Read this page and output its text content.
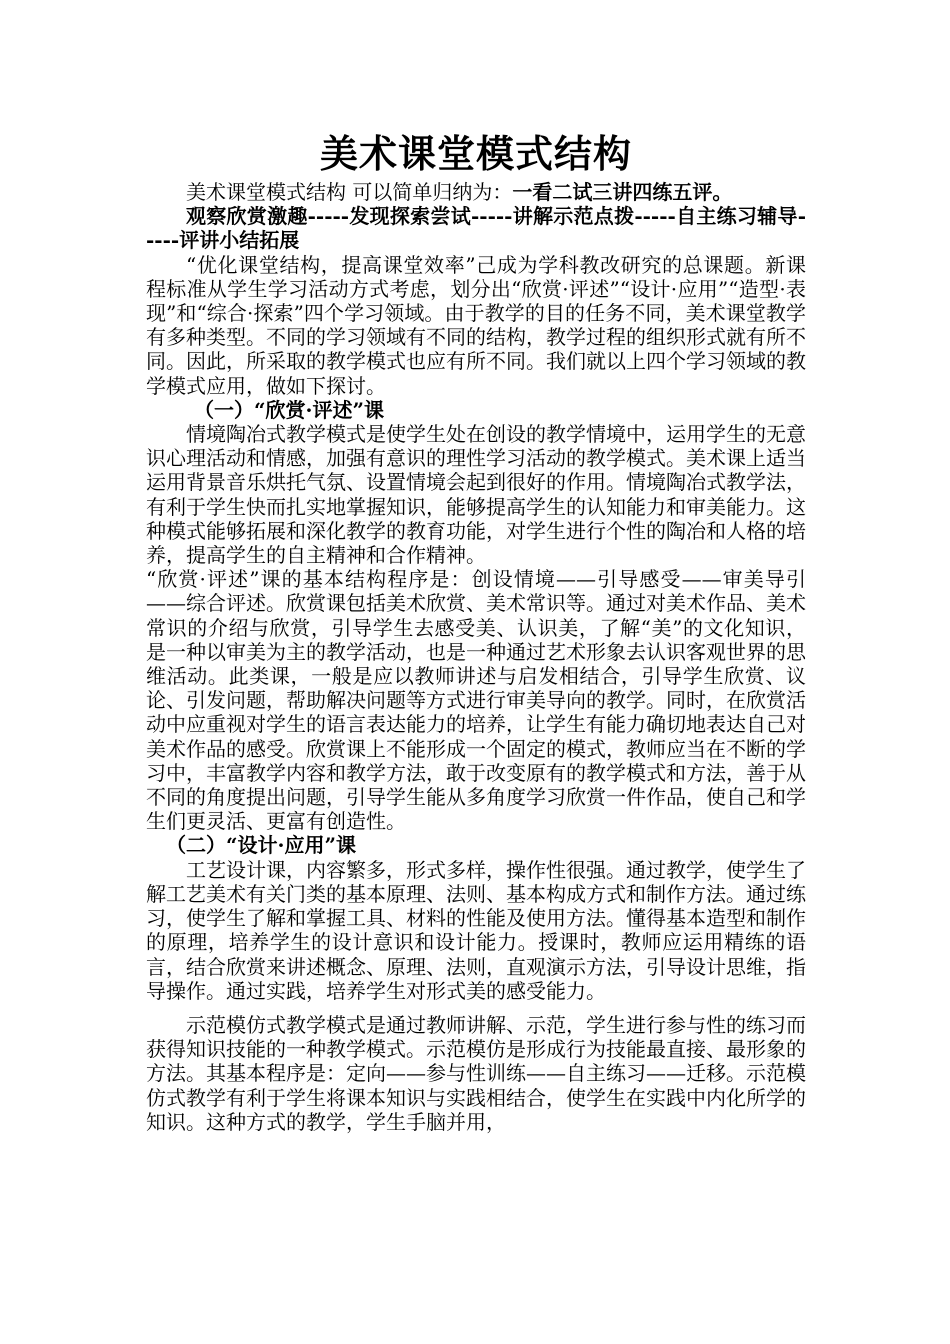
美术课堂模式结构

美术课堂模式结构 可以简单归纳为：一看二试三讲四练五评。

观察欣赏激趣-----发现探索尝试-----讲解示范点拨-----自主练习辅导-----评讲小结拓展

“优化课堂结构，提高课堂效率”己成为学科教改研究的总课题。新课程标准从学生学习活动方式考虑，划分出“欣赏·评述”“设计·应用”“造型·表现”和“综合·探索”四个学习领域。由于教学的目的任务不同，美术课堂教学有多种类型。不同的学习领域有不同的结构，教学过程的组织形式就有所不同。因此，所采取的教学模式也应有所不同。我们就以上四个学习领域的教学模式应用，做如下探讨。

（一）“欣赏·评述”课

情境陶冶式教学模式是使学生处在创设的教学情境中，运用学生的无意识心理活动和情感，加强有意识的理性学习活动的教学模式。美术课上适当运用背景音乐烘托气氛、设置情境会起到很好的作用。情境陶冶式教学法，有利于学生快而扎实地掌握知识，能够提高学生的认知能力和审美能力。这种模式能够拓展和深化教学的教育功能，对学生进行个性的陶冶和人格的培养，提高学生的自主精神和合作精神。

“欣赏·评述”课的基本结构程序是：创设情境——引导感受——审美导引——综合评述。欣赏课包括美术欣赏、美术常识等。通过对美术作品、美术常识的介绍与欣赏，引导学生去感受美、认识美，了解“美”的文化知识，是一种以审美为主的教学活动，也是一种通过艺术形象去认识客观世界的思维活动。此类课，一般是应以教师讲述与启发相结合，引导学生欣赏、议论、引发问题，帮助解决问题等方式进行审美导向的教学。同时，在欣赏活动中应重视对学生的语言表达能力的培养，让学生有能力确切地表达自己对美术作品的感受。欣赏课上不能形成一个固定的模式，教师应当在不断的学习中，丰富教学内容和教学方法，敢于改变原有的教学模式和方法，善于从不同的角度提出问题，引导学生能从多角度学习欣赏一件作品，使自己和学生们更灵活、更富有创造性。

（二）“设计·应用”课

工艺设计课，内容繁多，形式多样，操作性很强。通过教学，使学生了解工艺美术有关门类的基本原理、法则、基本构成方式和制作方法。通过练习，使学生了解和掌握工具、材料的性能及使用方法。懂得基本造型和制作的原理，培养学生的设计意识和设计能力。授课时，教师应运用精练的语言，结合欣赏来讲述概念、原理、法则，直观演示方法，引导设计思维，指导操作。通过实践，培养学生对形式美的感受能力。

示范模仿式教学模式是通过教师讲解、示范，学生进行参与性的练习而获得知识技能的一种教学模式。示范模仿是形成行为技能最直接、最形象的方法。其基本程序是：定向——参与性训练——自主练习——迁移。示范模仿式教学有利于学生将课本知识与实践相结合，使学生在实践中内化所学的知识。这种方式的教学，学生手脑并用，
